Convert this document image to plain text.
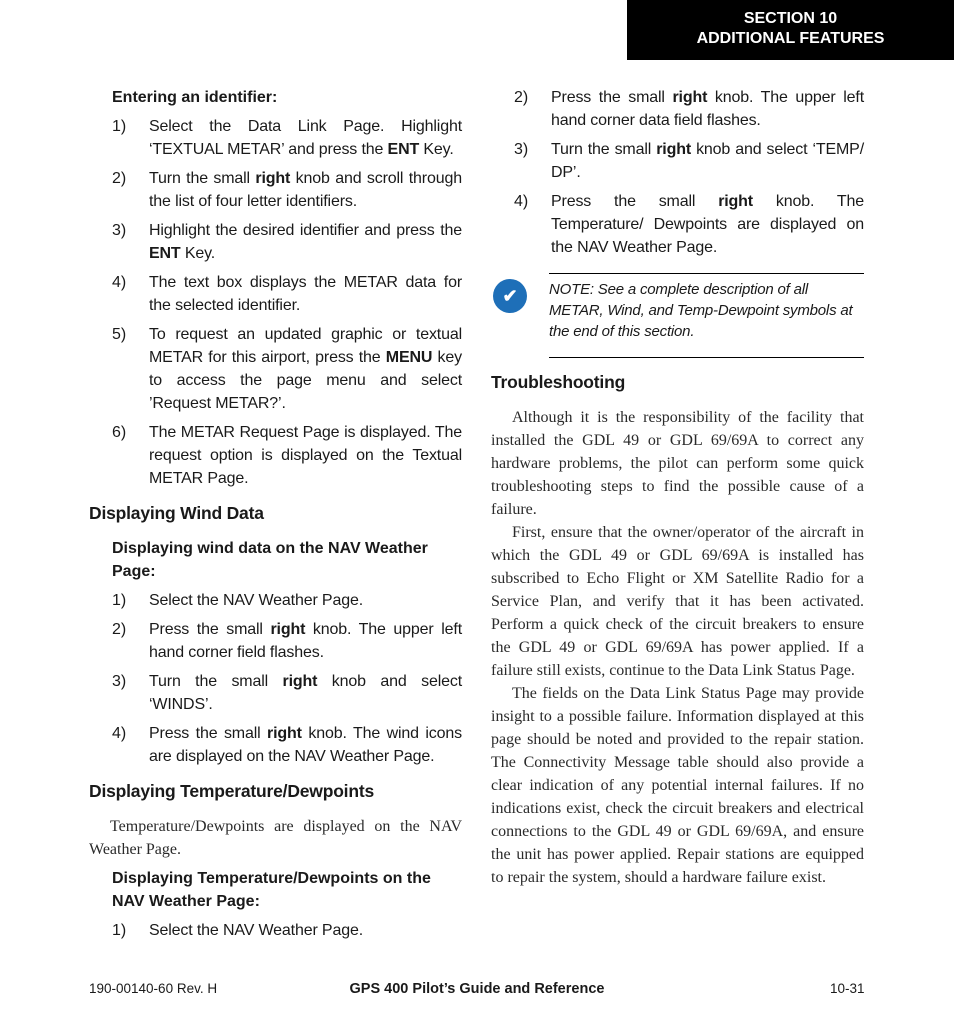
SECTION 10
ADDITIONAL FEATURES
Entering an identifier:
1)	Select the Data Link Page. Highlight ‘TEXTUAL METAR’ and press the ENT Key.
2)	Turn the small right knob and scroll through the list of four letter identifiers.
3)	Highlight the desired identifier and press the ENT Key.
4)	The text box displays the METAR data for the selected identifier.
5)	To request an updated graphic or textual METAR for this airport, press the MENU key to access the page menu and select ’Request METAR?’.
6)	The METAR Request Page is displayed. The request option is displayed on the Textual METAR Page.
Displaying Wind Data
Displaying wind data on the NAV Weather Page:
1)	Select the NAV Weather Page.
2)	Press the small right knob. The upper left hand corner field flashes.
3)	Turn the small right knob and select ‘WINDS’.
4)	Press the small right knob. The wind icons are displayed on the NAV Weather Page.
Displaying Temperature/Dewpoints

Temperature/Dewpoints are displayed on the NAV Weather Page.

Displaying Temperature/Dewpoints on the NAV Weather Page:
1)	Select the NAV Weather Page.
2)	Press the small right knob. The upper left hand corner data field flashes.
3)	Turn the small right knob and select ‘TEMP/ DP’.
4)	Press the small right knob. The Temperature/ Dewpoints are displayed on the NAV Weather Page.
✔	NOTE: See a complete description of all METAR, Wind, and Temp-Dewpoint symbols at the end of this section.
Troubleshooting

Although it is the responsibility of the facility that installed the GDL 49 or GDL 69/69A to correct any hardware problems, the pilot can perform some quick troubleshooting steps to find the possible cause of a failure.

First, ensure that the owner/operator of the aircraft in which the GDL 49 or GDL 69/69A is installed has subscribed to Echo Flight or XM Satellite Radio for a Service Plan, and verify that it has been activated. Perform a quick check of the circuit breakers to ensure the GDL 49 or GDL 69/69A has power applied. If a failure still exists, continue to the Data Link Status Page.

The fields on the Data Link Status Page may provide insight to a possible failure. Information displayed at this page should be noted and provided to the repair station. The Connectivity Message table should also provide a clear indication of any potential internal failures. If no indications exist, check the circuit breakers and electrical connections to the GDL 49 or GDL 69/69A, and ensure the unit has power applied. Repair stations are equipped to repair the system, should a hardware failure exist.

190-00140-60 Rev. H	GPS 400 Pilot’s Guide and Reference	10-31
